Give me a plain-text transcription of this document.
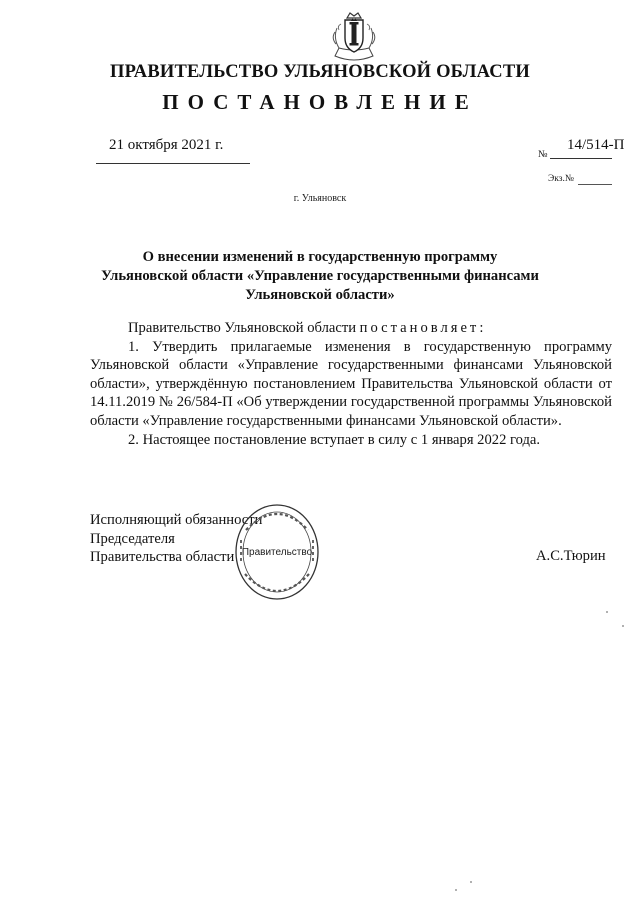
ПРАВИТЕЛЬСТВО УЛЬЯНОВСКОЙ ОБЛАСТИ
ПОСТАНОВЛЕНИЕ
21 октября 2021 г.
№
14/514-П
Экз.№
г. Ульяновск
О внесении изменений в государственную программу
Ульяновской области «Управление государственными финансами
Ульяновской области»

Правительство Ульяновской области постановляет:

1. Утвердить прилагаемые изменения в государственную программу Ульяновской области «Управление государственными финансами Ульяновской области», утверждённую постановлением Правительства Ульяновской области от 14.11.2019 № 26/584-П «Об утверждении государственной программы Ульяновской области «Управление государственными финансами Ульяновской области».

2. Настоящее постановление вступает в силу с 1 января 2022 года.

Исполняющий обязанности
Председателя
Правительства области	А.С.Тюрин
Правительство
